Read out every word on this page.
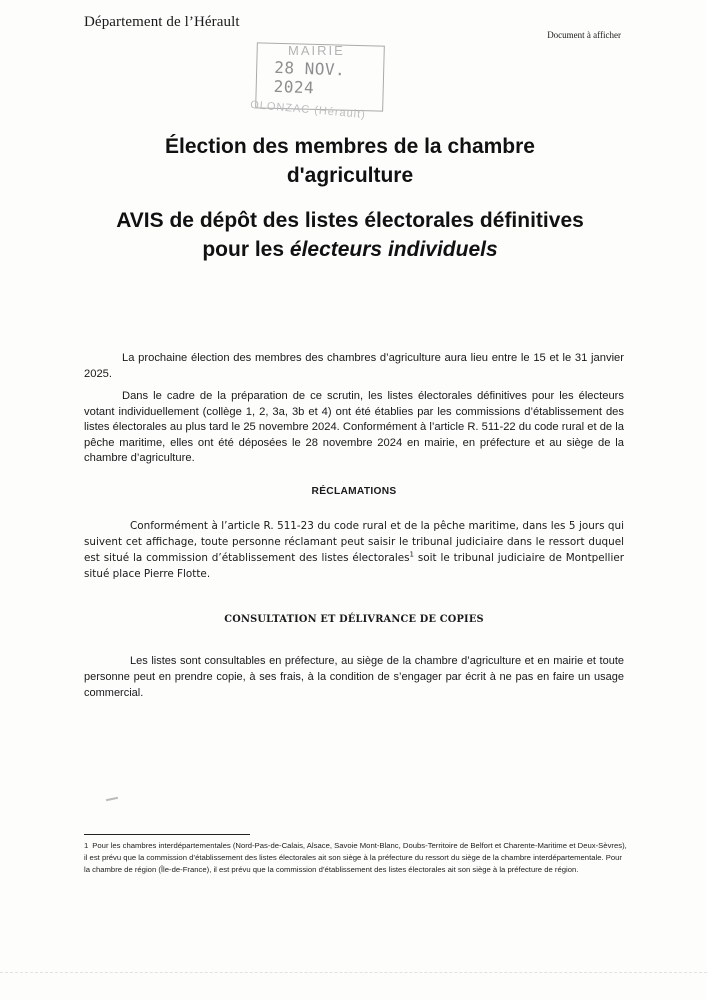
Département de l’Hérault
Document à afficher
MAIRIE
28 NOV. 2024
OLONZAC (Hérault)
Élection des membres de la chambre
d'agriculture
AVIS de dépôt des listes électorales définitives
pour les électeurs individuels

La prochaine élection des membres des chambres d’agriculture aura lieu entre le 15 et le 31 janvier 2025.

Dans le cadre de la préparation de ce scrutin, les listes électorales définitives pour les électeurs votant individuellement (collège 1, 2, 3a, 3b et 4) ont été établies par les commissions d’établissement des listes électorales au plus tard le 25 novembre 2024. Conformément à l’article R. 511-22 du code rural et de la pêche maritime, elles ont été déposées le 28 novembre 2024 en mairie, en préfecture et au siège de la chambre d’agriculture.

RÉCLAMATIONS

Conformément à l’article R. 511-23 du code rural et de la pêche maritime, dans les 5 jours qui suivent cet affichage, toute personne réclamant peut saisir le tribunal judiciaire dans le ressort duquel est situé la commission d’établissement des listes électorales$^1$ soit le tribunal judiciaire de Montpellier situé place Pierre Flotte.

CONSULTATION ET DÉLIVRANCE DE COPIES

Les listes sont consultables en préfecture, au siège de la chambre d’agriculture et en mairie et toute personne peut en prendre copie, à ses frais, à la condition de s’engager par écrit à ne pas en faire un usage commercial.

1 Pour les chambres interdépartementales (Nord-Pas-de-Calais, Alsace, Savoie Mont-Blanc, Doubs-Territoire de Belfort et Charente-Maritime et Deux-Sèvres), il est prévu que la commission d’établissement des listes électorales ait son siège à la préfecture du ressort du siège de la chambre interdépartementale. Pour la chambre de région (Île-de-France), il est prévu que la commission d’établissement des listes électorales ait son siège à la préfecture de région.
